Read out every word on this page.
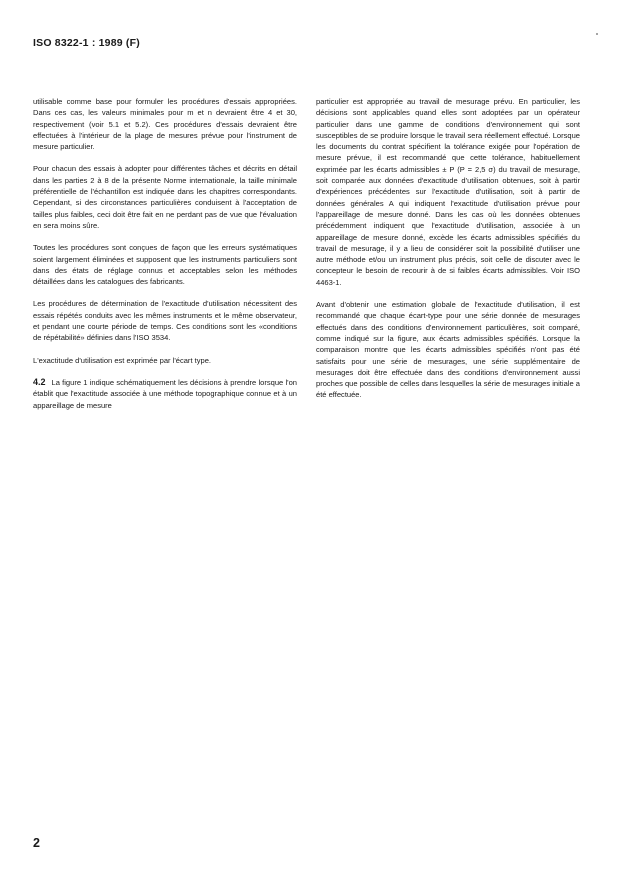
ISO 8322-1 : 1989 (F)

utilisable comme base pour formuler les procédures d'essais appropriées. Dans ces cas, les valeurs minimales pour m et n devraient être 4 et 30, respectivement (voir 5.1 et 5.2). Ces procédures d'essais devraient être effectuées à l'intérieur de la plage de mesures prévue pour l'instrument de mesure particulier.

Pour chacun des essais à adopter pour différentes tâches et décrits en détail dans les parties 2 à 8 de la présente Norme internationale, la taille minimale préférentielle de l'échantillon est indiquée dans les chapitres correspondants. Cependant, si des circonstances particulières conduisent à l'acceptation de tailles plus faibles, ceci doit être fait en ne perdant pas de vue que l'évaluation en sera moins sûre.

Toutes les procédures sont conçues de façon que les erreurs systématiques soient largement éliminées et supposent que les instruments particuliers sont dans des états de réglage connus et acceptables selon les méthodes détaillées dans les catalogues des fabricants.

Les procédures de détermination de l'exactitude d'utilisation nécessitent des essais répétés conduits avec les mêmes instruments et le même observateur, et pendant une courte période de temps. Ces conditions sont les «conditions de répétabilité» définies dans l'ISO 3534.

L'exactitude d'utilisation est exprimée par l'écart type.

4.2 La figure 1 indique schématiquement les décisions à prendre lorsque l'on établit que l'exactitude associée à une méthode topographique connue et à un appareillage de mesure

particulier est appropriée au travail de mesurage prévu. En particulier, les décisions sont applicables quand elles sont adoptées par un opérateur particulier dans une gamme de conditions d'environnement qui sont susceptibles de se produire lorsque le travail sera réellement effectué. Lorsque les documents du contrat spécifient la tolérance exigée pour l'opération de mesure prévue, il est recommandé que cette tolérance, habituellement exprimée par les écarts admissibles ± P (P = 2,5 σ) du travail de mesurage, soit comparée aux données d'exactitude d'utilisation obtenues, soit à partir d'expériences précédentes sur l'exactitude d'utilisation, soit à partir de données générales A qui indiquent l'exactitude d'utilisation prévue pour l'appareillage de mesure donné. Dans les cas où les données obtenues précédemment indiquent que l'exactitude d'utilisation, associée à un appareillage de mesure donné, excède les écarts admissibles spécifiés du travail de mesurage, il y a lieu de considérer soit la possibilité d'utiliser une autre méthode et/ou un instrument plus précis, soit celle de discuter avec le concepteur le besoin de recourir à de si faibles écarts admissibles. Voir ISO 4463-1.

Avant d'obtenir une estimation globale de l'exactitude d'utilisation, il est recommandé que chaque écart-type pour une série donnée de mesurages effectués dans des conditions d'environnement particulières, soit comparé, comme indiqué sur la figure, aux écarts admissibles spécifiés. Lorsque la comparaison montre que les écarts admissibles spécifiés n'ont pas été satisfaits pour une série de mesurages, une série supplémentaire de mesurages doit être effectuée dans des conditions d'environnement aussi proches que possible de celles dans lesquelles la série de mesurages initiale a été effectuée.

2
